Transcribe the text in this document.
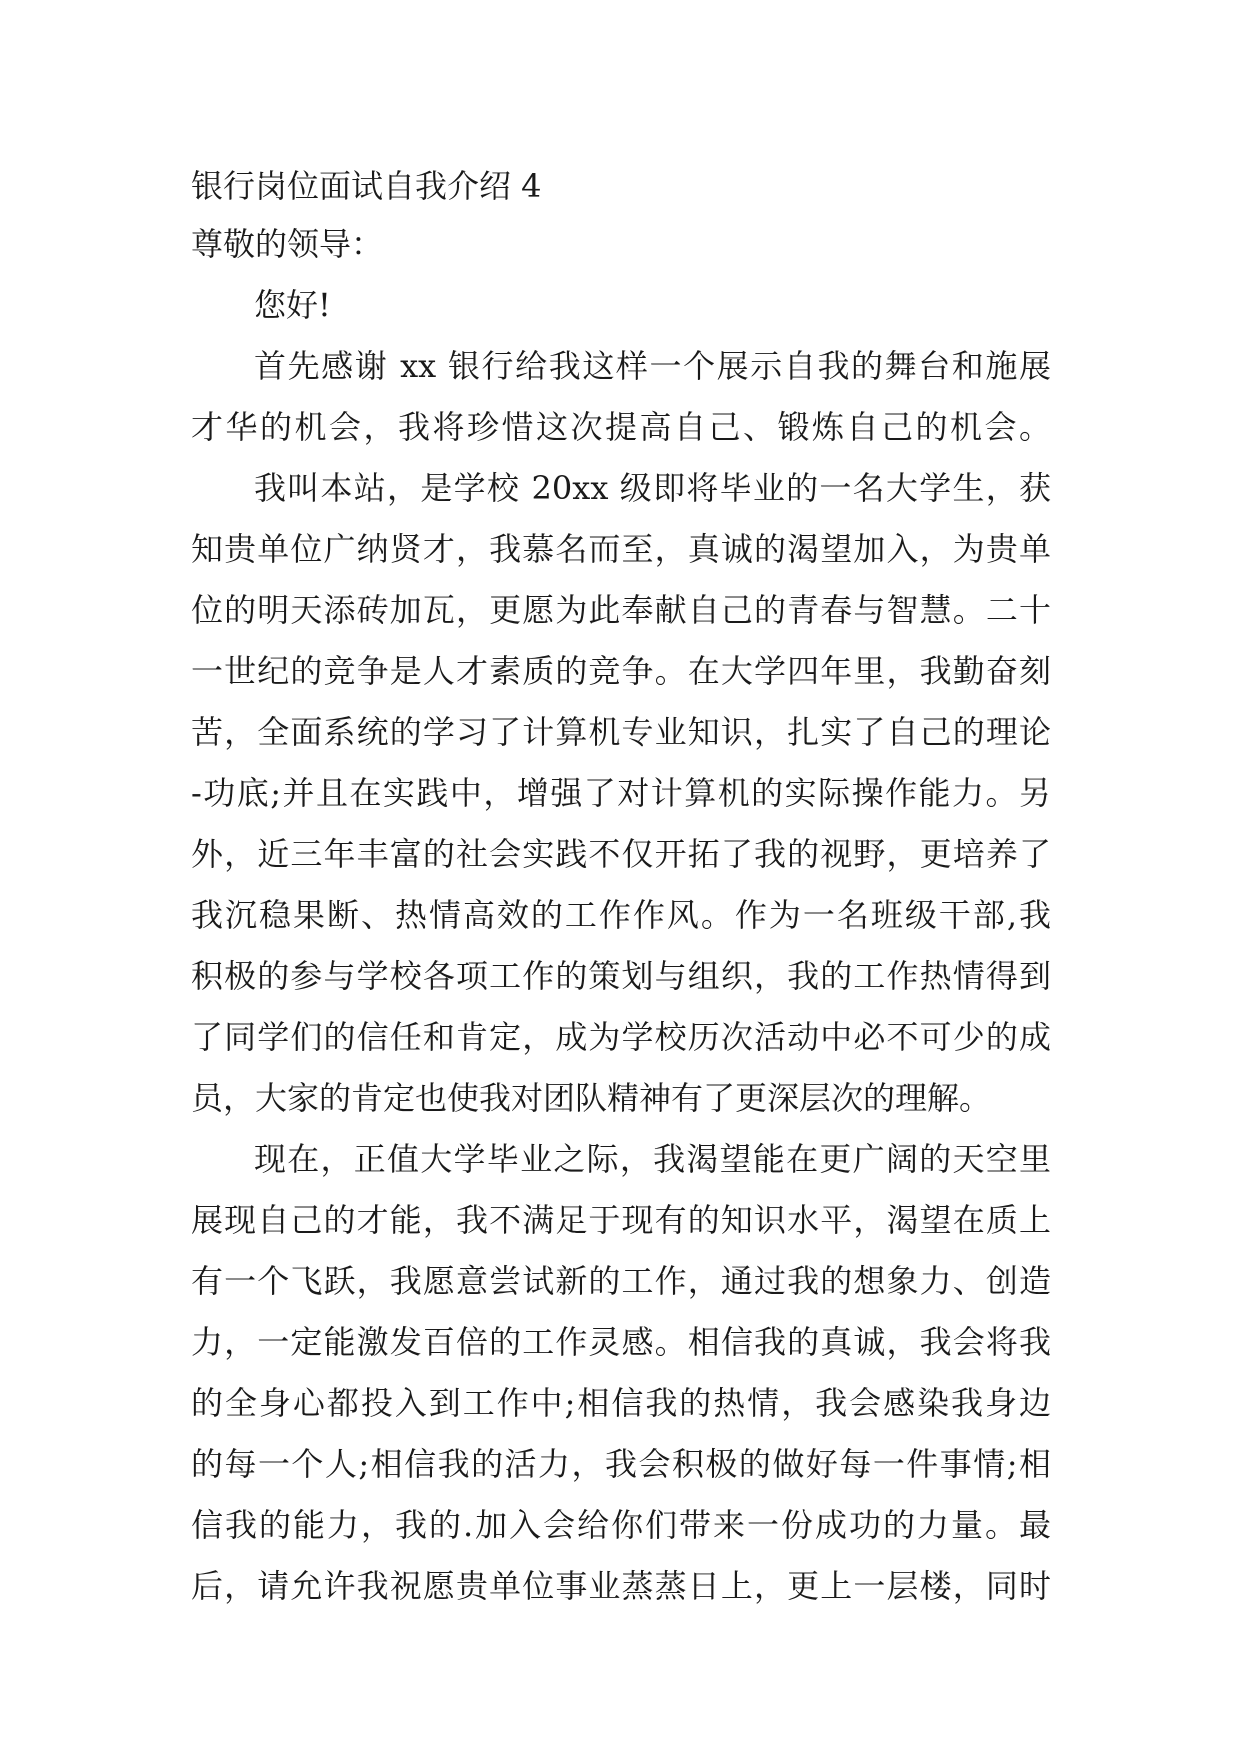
银行岗位面试自我介绍 4

尊敬的领导：

您好!

首先感谢 xx 银行给我这样一个展示自我的舞台和施展

才华的机会，我将珍惜这次提高自己、锻炼自己的机会。

我叫本站，是学校 20xx 级即将毕业的一名大学生，获

知贵单位广纳贤才，我慕名而至，真诚的渴望加入，为贵单

位的明天添砖加瓦，更愿为此奉献自己的青春与智慧。二十

一世纪的竞争是人才素质的竞争。在大学四年里，我勤奋刻

苦，全面系统的学习了计算机专业知识，扎实了自己的理论

-功底;并且在实践中，增强了对计算机的实际操作能力。另

外，近三年丰富的社会实践不仅开拓了我的视野，更培养了

我沉稳果断、热情高效的工作作风。作为一名班级干部,我

积极的参与学校各项工作的策划与组织，我的工作热情得到

了同学们的信任和肯定，成为学校历次活动中必不可少的成

员，大家的肯定也使我对团队精神有了更深层次的理解。

现在，正值大学毕业之际，我渴望能在更广阔的天空里

展现自己的才能，我不满足于现有的知识水平，渴望在质上

有一个飞跃，我愿意尝试新的工作，通过我的想象力、创造

力，一定能激发百倍的工作灵感。相信我的真诚，我会将我

的全身心都投入到工作中;相信我的热情，我会感染我身边

的每一个人;相信我的活力，我会积极的做好每一件事情;相

信我的能力，我的.加入会给你们带来一份成功的力量。最

后，请允许我祝愿贵单位事业蒸蒸日上，更上一层楼，同时
